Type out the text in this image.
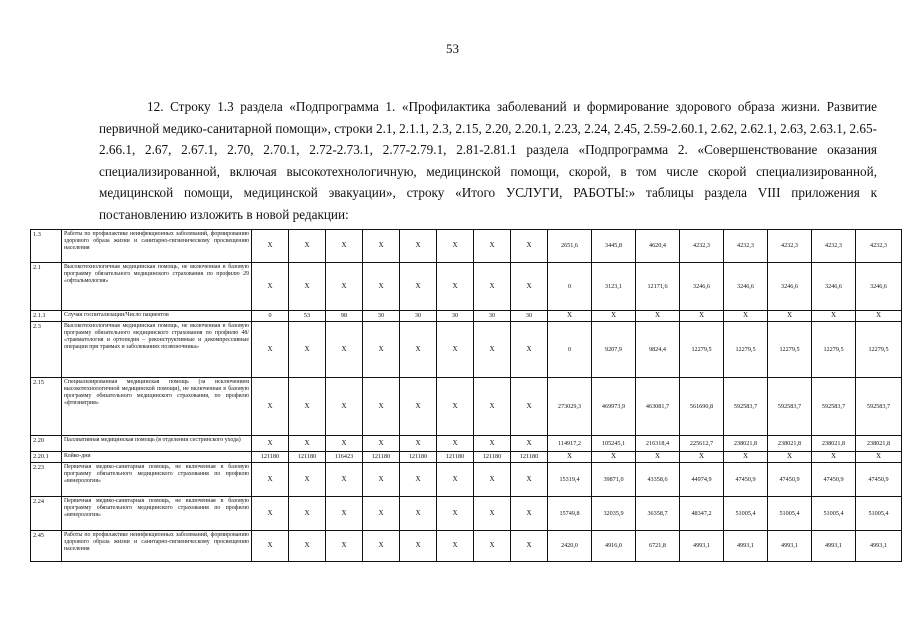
53

12. Строку 1.3 раздела «Подпрограмма 1. «Профилактика заболеваний и формирование здорового образа жизни. Развитие первичной медико-санитарной помощи», строки 2.1, 2.1.1, 2.3, 2.15, 2.20, 2.20.1, 2.23, 2.24, 2.45, 2.59-2.60.1, 2.62, 2.62.1, 2.63, 2.63.1, 2.65-2.66.1, 2.67, 2.67.1, 2.70, 2.70.1, 2.72-2.73.1, 2.77-2.79.1, 2.81-2.81.1 раздела «Подпрограмма 2. «Совершенствование оказания специализированной, включая высокотехнологичную, медицинской помощи, скорой, в том числе скорой специализированной, медицинской помощи, медицинской эвакуации», строку «Итого УСЛУГИ, РАБОТЫ:» таблицы раздела VIII приложения к постановлению изложить в новой редакции:

1.3	Работы по профилактике неинфекционных заболеваний, формированию здорового образа жизни и санитарно-гигиеническому просвещению населения	X	X	X	X	X	X	X	X	2651,6	3445,8	4620,4	4232,3	4232,3	4232,3	4232,3	4232,3
2.1	Высокотехнологичная медицинская помощь, не включенная в базовую программу обязательного медицинского страхования по профилю 29 «офтальмология»	X	X	X	X	X	X	X	X	0	3123,1	12171,6	3246,6	3246,6	3246,6	3246,6	3246,6
2.1.1	Случаи госпитализации/Число пациентов	0	53	98	30	30	30	30	30	X	X	X	X	X	X	X	X
2.3	Высокотехнологичная медицинская помощь, не включенная в базовую программу обязательного медицинского страхования по профилю 48/ «травматология и ортопедия – реконструктивные и декомпрессивные операции при травмах и заболеваниях позвоночника»	X	X	X	X	X	X	X	X	0	9207,9	9824,4	12279,5	12279,5	12279,5	12279,5	12279,5
2.15	Специализированная медицинская помощь (за исключением высокотехнологичной медицинской помощи), не включенная в базовую программу обязательного медицинского страхования, по профилю «фтизиатрия»	X	X	X	X	X	X	X	X	273029,3	469973,9	463081,7	561690,8	592583,7	592583,7	592583,7	592583,7
2.20	Паллиативная медицинская помощь (в отделении сестринского ухода)	X	X	X	X	X	X	X	X	114917,2	105245,1	216318,4	225612,7	238021,8	238021,8	238021,8	238021,8
2.20.1	Койко-дни	121180	121180	116423	121180	121180	121180	121180	121180	X	X	X	X	X	X	X	X
2.23	Первичная медико-санитарная помощь, не включенная в базовую программу обязательного медицинского страхования по профилю «венерология»	X	X	X	X	X	X	X	X	15319,4	39871,0	43358,6	44974,9	47450,9	47450,9	47450,9	47450,9
2.24	Первичная медико-санитарная помощь, не включенная в базовую программу обязательного медицинского страхования по профилю «венерология»	X	X	X	X	X	X	X	X	15749,8	32035,9	36358,7	48347,2	51005,4	51005,4	51005,4	51005,4
2.45	Работы по профилактике неинфекционных заболеваний, формированию здорового образа жизни и санитарно-гигиеническому просвещению населения	X	X	X	X	X	X	X	X	2420,0	4916,0	6721,8	4993,1	4993,1	4993,1	4993,1	4993,1
